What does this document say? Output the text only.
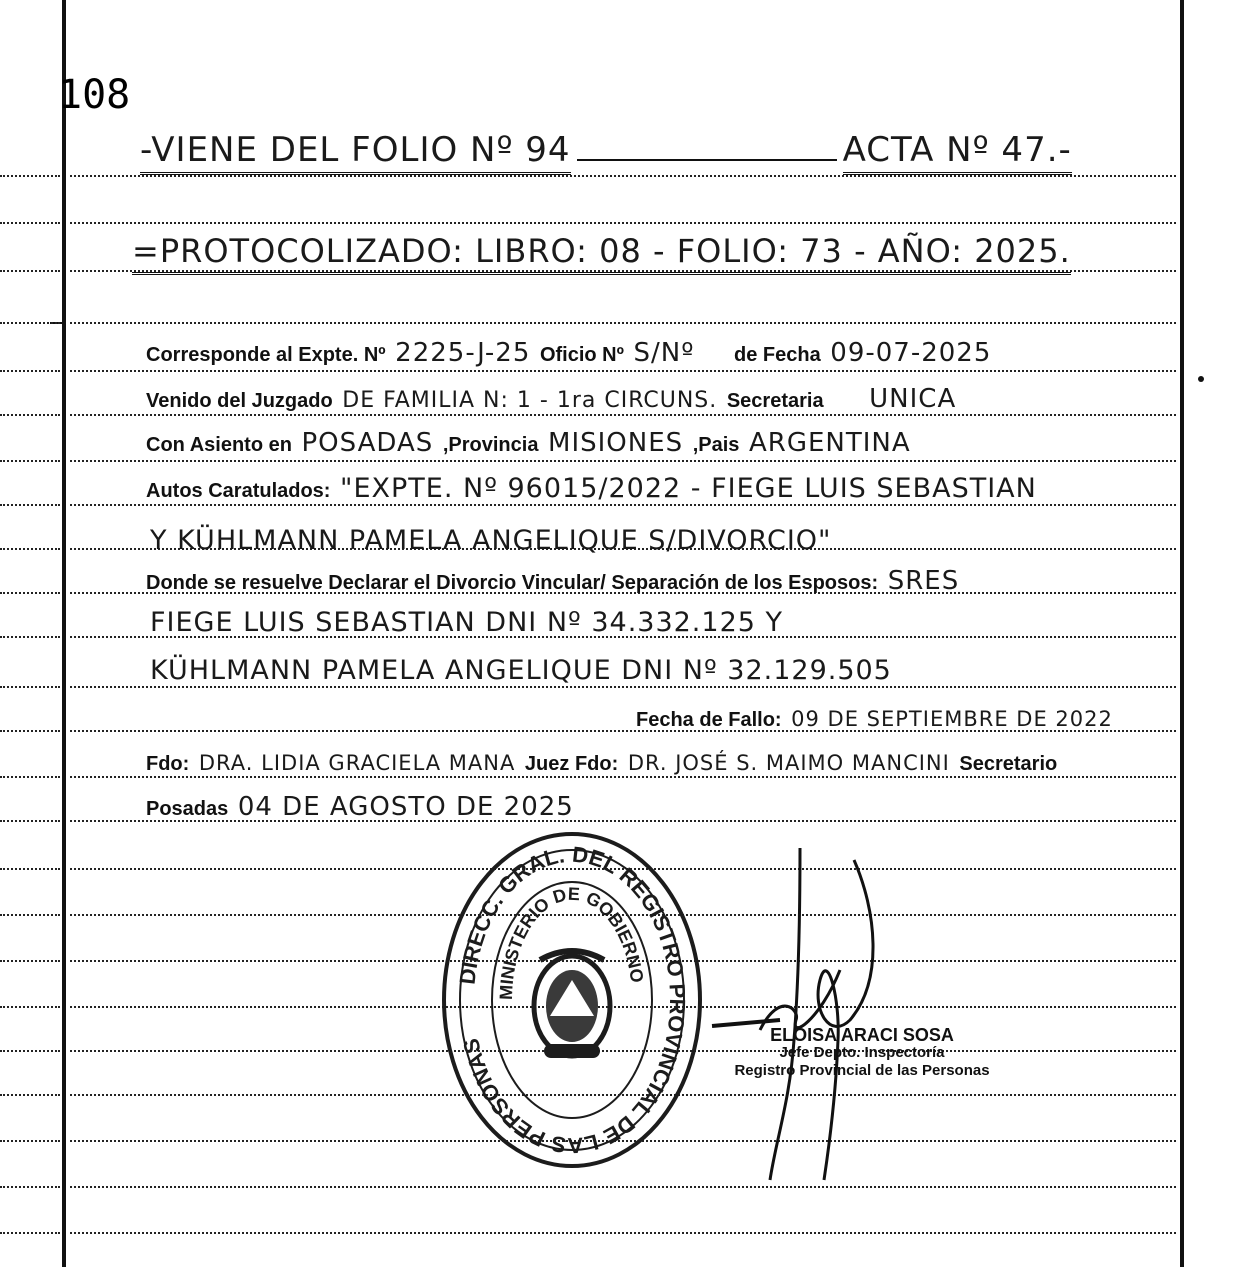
108
-VIENE DEL FOLIO Nº 94	ACTA Nº 47.-
=PROTOCOLIZADO: LIBRO: 08 - FOLIO: 73 - AÑO: 2025.
Corresponde al Expte. Nº 2225-J-25 Oficio Nº S/Nº de Fecha 09-07-2025
Venido del Juzgado DE FAMILIA N: 1 - 1ra CIRCUNS. Secretaria UNICA
Con Asiento en POSADAS ,Provincia MISIONES ,Pais ARGENTINA
Autos Caratulados: "EXPTE. Nº 96015/2022 - FIEGE LUIS SEBASTIAN
Y KÜHLMANN PAMELA ANGELIQUE S/DIVORCIO"
Donde se resuelve Declarar el Divorcio Vincular/ Separación de los Esposos: SRES
FIEGE LUIS SEBASTIAN DNI Nº 34.332.125 Y
KÜHLMANN PAMELA ANGELIQUE DNI Nº 32.129.505
Fecha de Fallo: 09 DE SEPTIEMBRE DE 2022
Fdo: DRA. LIDIA GRACIELA MANA Juez Fdo: DR. JOSÉ S. MAIMO MANCINI Secretario
Posadas 04 DE AGOSTO DE 2025
DIRECC. GRAL. DEL REGISTRO PROVINCIAL DE LAS PERSONAS
MINISTERIO DE GOBIERNO
ELOISA ARACI SOSA
Jefe Depto. Inspectoría
Registro Provincial de las Personas
